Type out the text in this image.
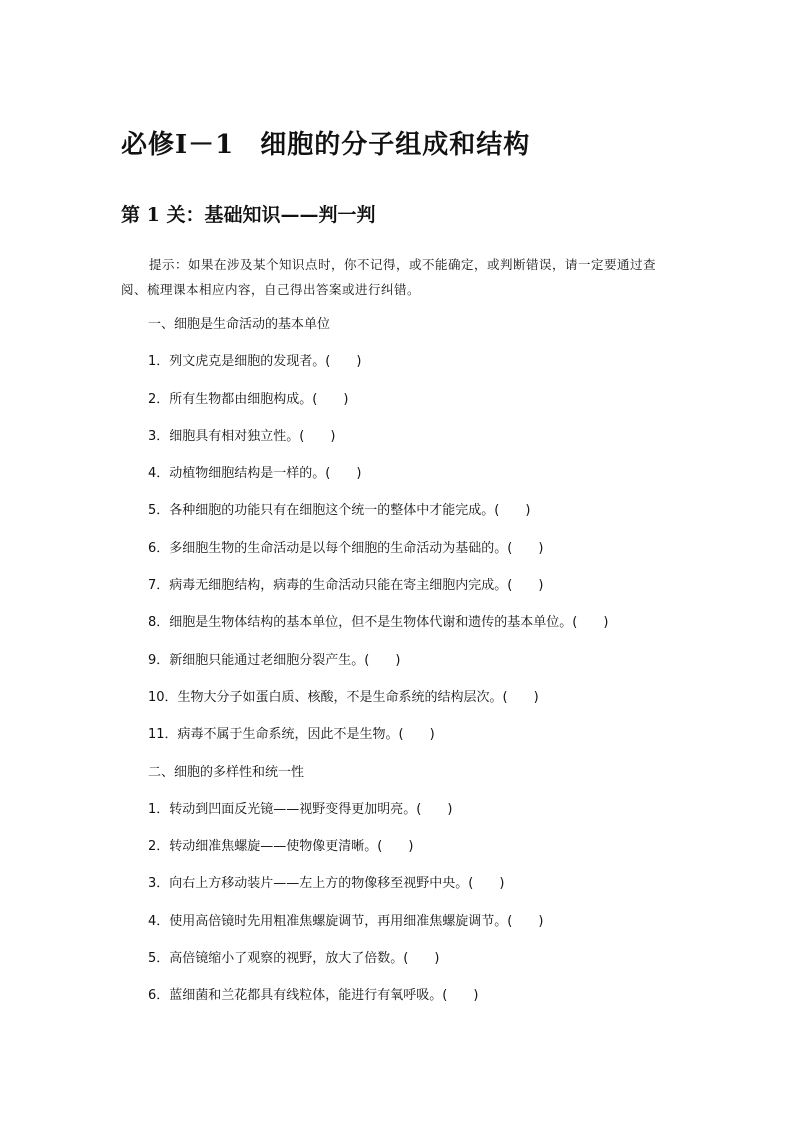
必修Ⅰ－1 细胞的分子组成和结构
第 1 关：基础知识——判一判
提示：如果在涉及某个知识点时，你不记得，或不能确定，或判断错误，请一定要通过查阅、梳理课本相应内容，自己得出答案或进行纠错。
一、细胞是生命活动的基本单位
1．列文虎克是细胞的发现者。(　　)
2．所有生物都由细胞构成。(　　)
3．细胞具有相对独立性。(　　)
4．动植物细胞结构是一样的。(　　)
5．各种细胞的功能只有在细胞这个统一的整体中才能完成。(　　)
6．多细胞生物的生命活动是以每个细胞的生命活动为基础的。(　　)
7．病毒无细胞结构，病毒的生命活动只能在寄主细胞内完成。(　　)
8．细胞是生物体结构的基本单位，但不是生物体代谢和遗传的基本单位。(　　)
9．新细胞只能通过老细胞分裂产生。(　　)
10．生物大分子如蛋白质、核酸，不是生命系统的结构层次。(　　)
11．病毒不属于生命系统，因此不是生物。(　　)
二、细胞的多样性和统一性
1．转动到凹面反光镜——视野变得更加明亮。(　　)
2．转动细准焦螺旋——使物像更清晰。(　　)
3．向右上方移动装片——左上方的物像移至视野中央。(　　)
4．使用高倍镜时先用粗准焦螺旋调节，再用细准焦螺旋调节。(　　)
5．高倍镜缩小了观察的视野，放大了倍数。(　　)
6．蓝细菌和兰花都具有线粒体，能进行有氧呼吸。(　　)
